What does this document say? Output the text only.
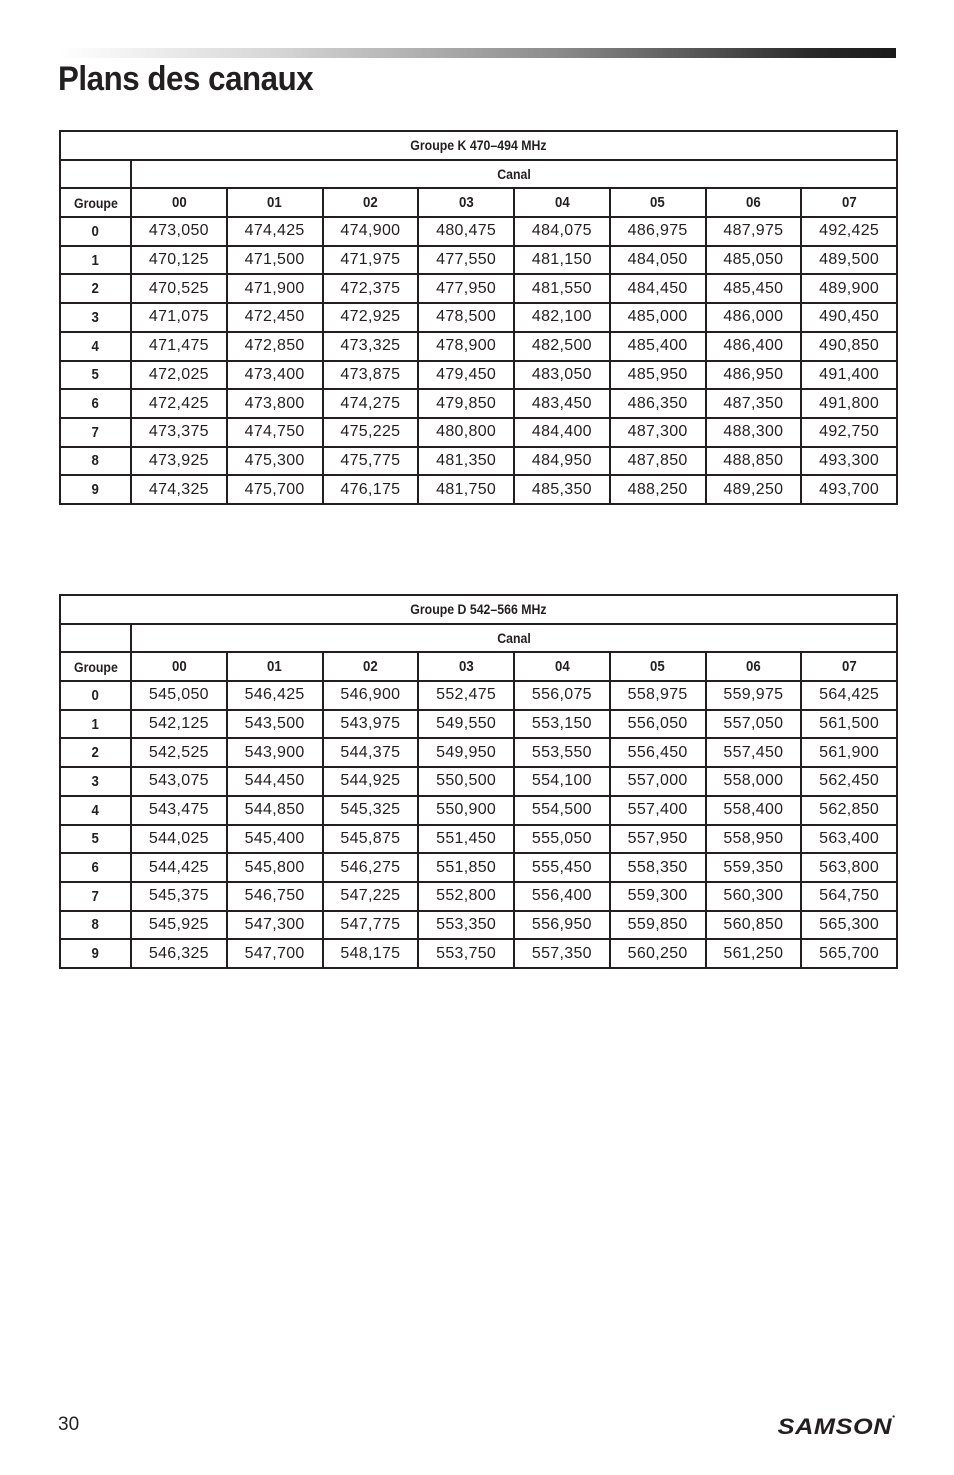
Plans des canaux
Groupe K 470–494 MHz								
	Canal							
Groupe	00	01	02	03	04	05	06	07
0	473,050	474,425	474,900	480,475	484,075	486,975	487,975	492,425
1	470,125	471,500	471,975	477,550	481,150	484,050	485,050	489,500
2	470,525	471,900	472,375	477,950	481,550	484,450	485,450	489,900
3	471,075	472,450	472,925	478,500	482,100	485,000	486,000	490,450
4	471,475	472,850	473,325	478,900	482,500	485,400	486,400	490,850
5	472,025	473,400	473,875	479,450	483,050	485,950	486,950	491,400
6	472,425	473,800	474,275	479,850	483,450	486,350	487,350	491,800
7	473,375	474,750	475,225	480,800	484,400	487,300	488,300	492,750
8	473,925	475,300	475,775	481,350	484,950	487,850	488,850	493,300
9	474,325	475,700	476,175	481,750	485,350	488,250	489,250	493,700
Groupe D 542–566 MHz								
	Canal							
Groupe	00	01	02	03	04	05	06	07
0	545,050	546,425	546,900	552,475	556,075	558,975	559,975	564,425
1	542,125	543,500	543,975	549,550	553,150	556,050	557,050	561,500
2	542,525	543,900	544,375	549,950	553,550	556,450	557,450	561,900
3	543,075	544,450	544,925	550,500	554,100	557,000	558,000	562,450
4	543,475	544,850	545,325	550,900	554,500	557,400	558,400	562,850
5	544,025	545,400	545,875	551,450	555,050	557,950	558,950	563,400
6	544,425	545,800	546,275	551,850	555,450	558,350	559,350	563,800
7	545,375	546,750	547,225	552,800	556,400	559,300	560,300	564,750
8	545,925	547,300	547,775	553,350	556,950	559,850	560,850	565,300
9	546,325	547,700	548,175	553,750	557,350	560,250	561,250	565,700
30	SAMSON•
